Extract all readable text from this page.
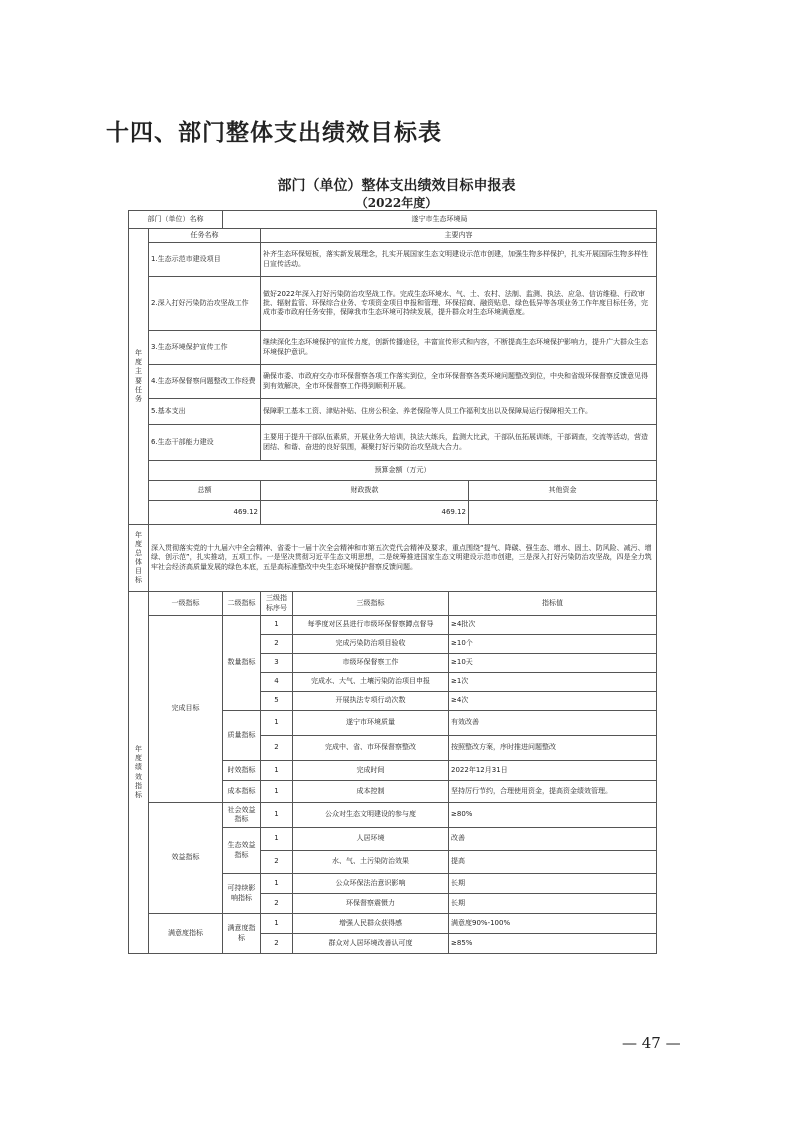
十四、部门整体支出绩效目标表
部门（单位）整体支出绩效目标申报表
（2022年度）
部门（单位）名称		遂宁市生态环境局				
年度主要任务	任务名称		主要内容			
	1.生态示范市建设项目		补齐生态环保短板，落实新发展理念，扎实开展国家生态文明建设示范市创建，加强生物多样保护，扎实开展国际生物多样性日宣传活动。			
	2.深入打好污染防治攻坚战工作		做好2022年深入打好污染防治攻坚战工作。完成生态环境水、气、土、农村、法制、监测、执法、应急、信访维稳、行政审批、辐射监管、环保综合业务、专项资金项目申报和管理、环保招商、融资贴息、绿色低异等各项业务工作年度目标任务，完成市委市政府任务安排，保障我市生态环境可持续发展，提升群众对生态环境满意度。			
	3.生态环境保护宣传工作		继续深化生态环境保护的宣传力度，创新传播途径，丰富宣传形式和内容，不断提高生态环境保护影响力，提升广大群众生态环境保护意识。			
	4.生态环保督察问题整改工作经费		确保市委、市政府交办市环保督察各项工作落实到位，全市环保督察各类环境问题整改到位，中央和省级环保督察反馈意见得到有效解决，全市环保督察工作得到顺利开展。			
	5.基本支出		保障职工基本工资、津贴补贴、住房公积金、养老保险等人员工作福利支出以及保障局运行保障相关工作。			
	6.生态干部能力建设		主要用于提升干部队伍素质，开展业务大培训，执法大练兵，监测大比武，干部队伍拓展训练，干部调查，交流等活动，营造团结、和谐、奋进的良好氛围，凝聚打好污染防治攻坚战大合力。			
	预算金额（万元）					
	总额		财政拨款			其他资金
	469.12		469.12			
年度总体目标	深入贯彻落实党的十九届六中全会精神、省委十一届十次全会精神和市第五次党代会精神及要求，重点围绕“提气、降碳、强生态、增水、固土、防风险、减污、增绿、创示范”，扎实推动，五项工作。一是坚决贯彻习近平生态文明思想，二是统筹推进国家生态文明建设示范市创建，三是深入打好污染防治攻坚战，四是全力筑牢社会经济高质量发展的绿色本底，五是高标准整改中央生态环境保护督察反馈问题。					
年度绩效指标	一级指标	二级指标	三级指标序号	三级指标	指标值	
	完成目标	数量指标	1	每季度对区县进行市级环保督察蹲点督导	≥4批次	
			2	完成污染防治项目验收	≥10个	
			3	市级环保督察工作	≥10天	
			4	完成水、大气、土壤污染防治项目申报	≥1次	
			5	开展执法专项行动次数	≥4次	
		质量指标	1	遂宁市环境质量	有效改善	
			2	完成中、省、市环保督察整改	按照整改方案，序时推进问题整改	
		时效指标	1	完成时间	2022年12月31日	
		成本指标	1	成本控制	坚持厉行节约，合理使用资金，提高资金绩效管理。	
	效益指标	社会效益指标	1	公众对生态文明建设的参与度	≥80%	
		生态效益指标	1	人居环境	改善	
			2	水、气、土污染防治效果	提高	
		可持续影响指标	1	公众环保法治意识影响	长期	
			2	环保督察震慑力	长期	
	满意度指标	满意度指标	1	增强人民群众获得感	满意度90%-100%	
			2	群众对人居环境改善认可度	≥85%	
— 47 —
